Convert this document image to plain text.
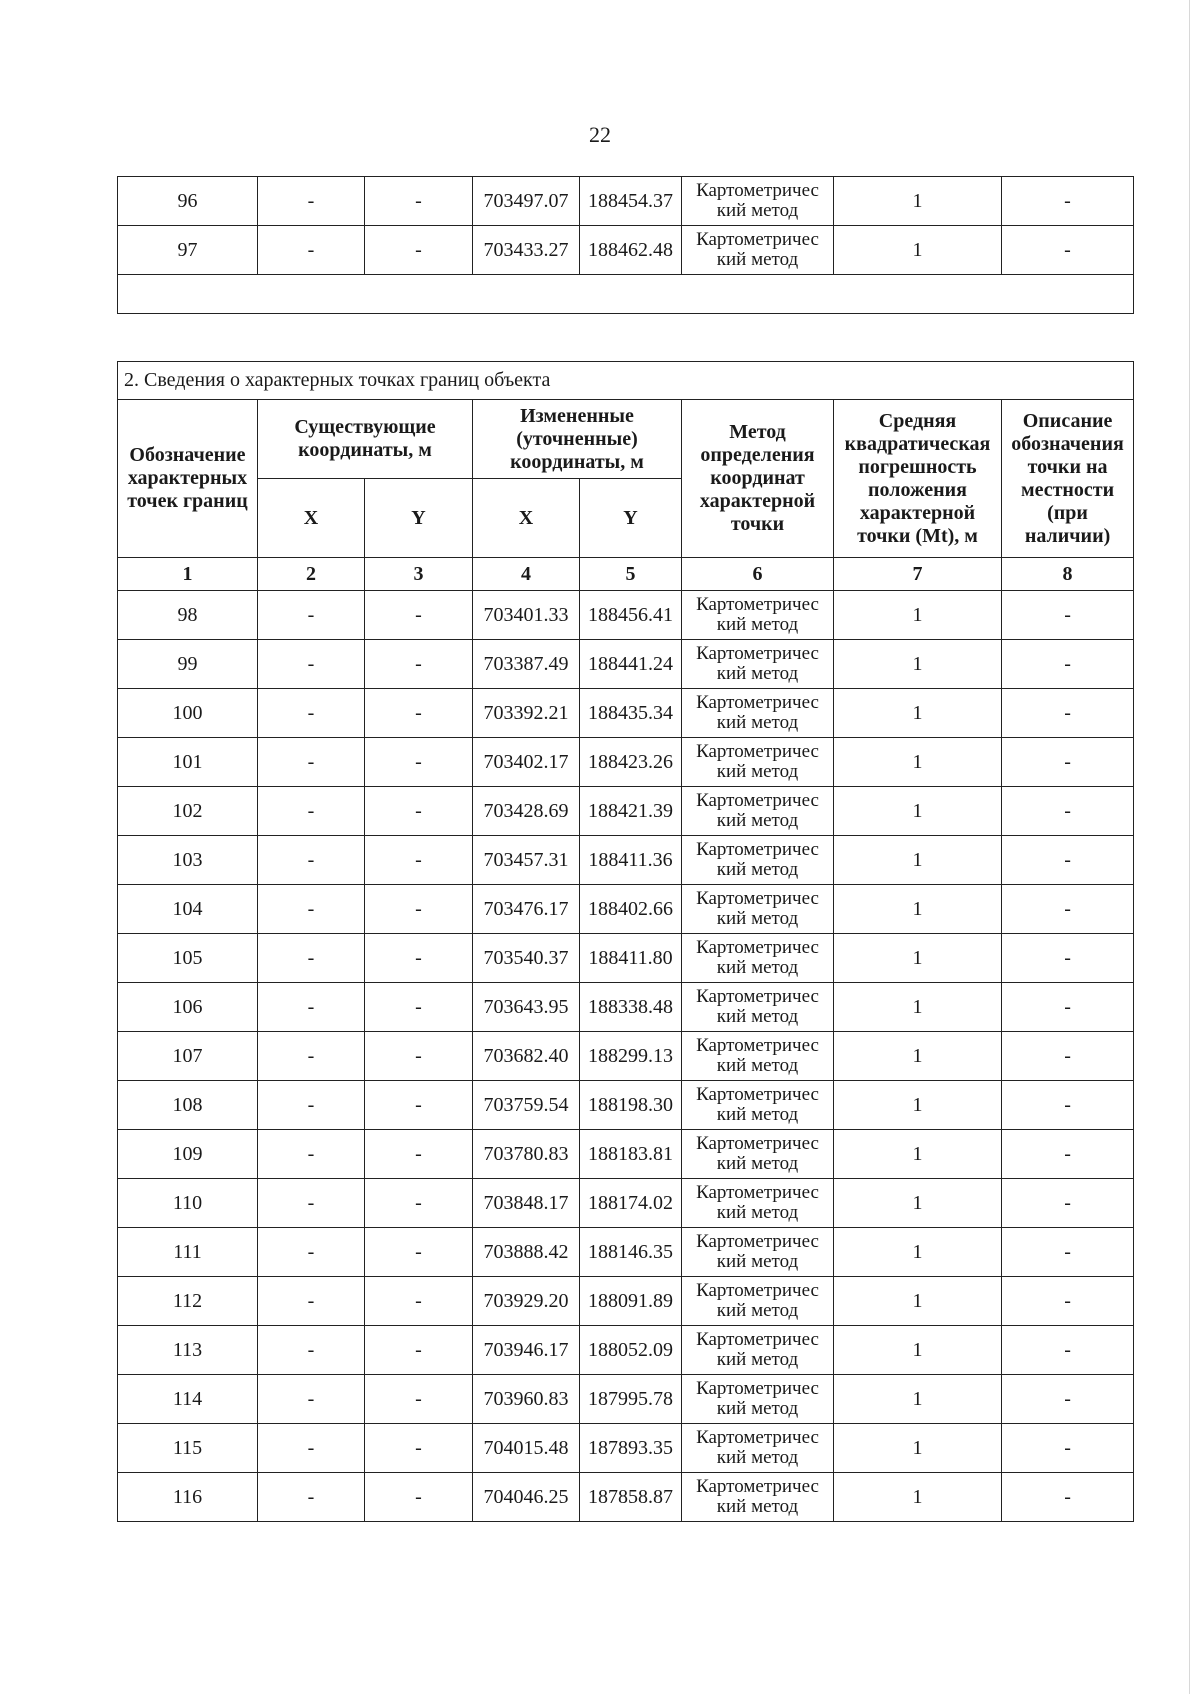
22
96	-	-	703497.07	188454.37	Картометричес кий метод	1	-
97	-	-	703433.27	188462.48	Картометричес кий метод	1	-

2. Сведения о характерных точках границ объекта							
Обозначение характерных точек границ	Существующие координаты, м		Измененные (уточненные) координаты, м		Метод определения координат характерной точки	Средняя квадратическая погрешность положения характерной точки (Mt), м	Описание обозначения точки на местности (при наличии)
	X	Y	X	Y			
1	2	3	4	5	6	7	8
98	-	-	703401.33	188456.41	Картометричес кий метод	1	-
99	-	-	703387.49	188441.24	Картометричес кий метод	1	-
100	-	-	703392.21	188435.34	Картометричес кий метод	1	-
101	-	-	703402.17	188423.26	Картометричес кий метод	1	-
102	-	-	703428.69	188421.39	Картометричес кий метод	1	-
103	-	-	703457.31	188411.36	Картометричес кий метод	1	-
104	-	-	703476.17	188402.66	Картометричес кий метод	1	-
105	-	-	703540.37	188411.80	Картометричес кий метод	1	-
106	-	-	703643.95	188338.48	Картометричес кий метод	1	-
107	-	-	703682.40	188299.13	Картометричес кий метод	1	-
108	-	-	703759.54	188198.30	Картометричес кий метод	1	-
109	-	-	703780.83	188183.81	Картометричес кий метод	1	-
110	-	-	703848.17	188174.02	Картометричес кий метод	1	-
111	-	-	703888.42	188146.35	Картометричес кий метод	1	-
112	-	-	703929.20	188091.89	Картометричес кий метод	1	-
113	-	-	703946.17	188052.09	Картометричес кий метод	1	-
114	-	-	703960.83	187995.78	Картометричес кий метод	1	-
115	-	-	704015.48	187893.35	Картометричес кий метод	1	-
116	-	-	704046.25	187858.87	Картометричес кий метод	1	-
